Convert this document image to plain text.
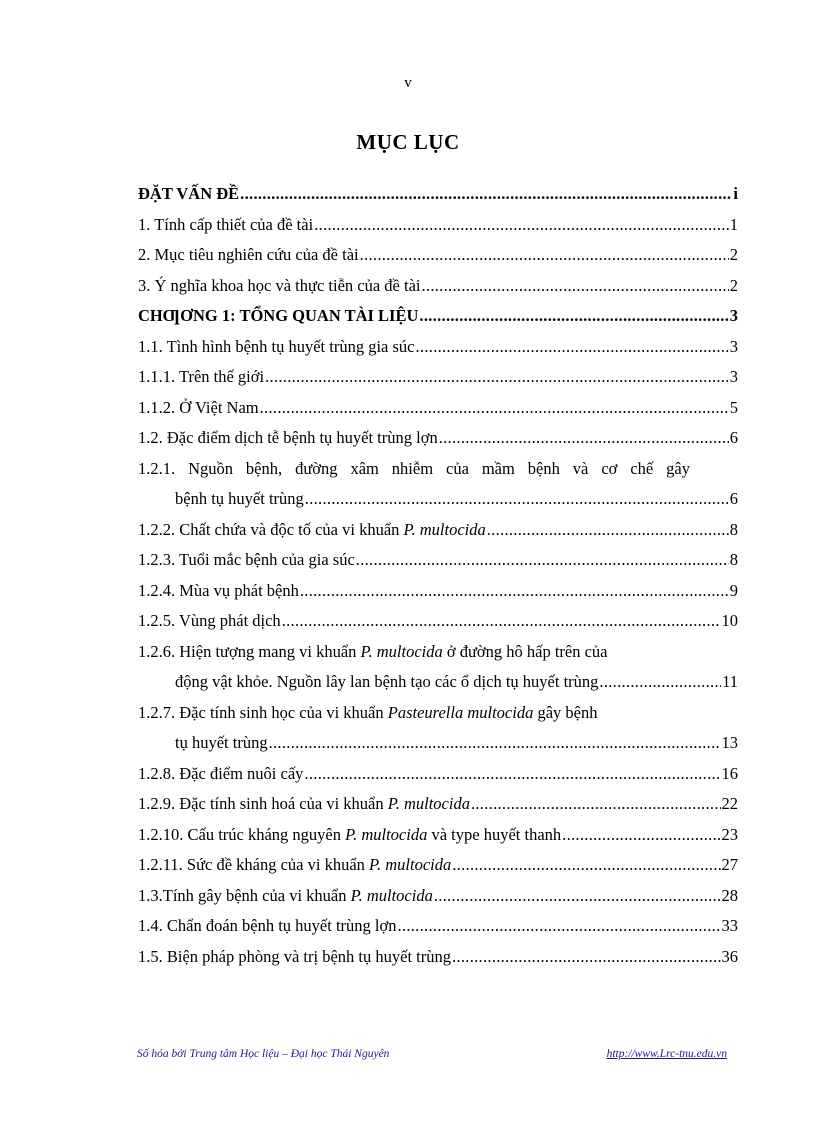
v
MỤC LỤC
ĐẶT VẤN ĐỀ .....	i
1. Tính cấp thiết của đề tài .....	1
2. Mục tiêu nghiên cứu của đề tài .....	2
3. Ý nghĩa khoa học và thực tiễn của đề tài .....	2
CHƢƠNG 1: TỔNG QUAN TÀI LIỆU .....	3
1.1. Tình hình bệnh tụ huyết trùng gia súc .....	3
1.1.1. Trên thế giới .....	3
1.1.2. Ở Việt Nam .....	5
1.2. Đặc điểm dịch tễ bệnh tụ huyết trùng lợn .....	6
1.2.1. Nguồn bệnh, đường xâm nhiễm của mầm bệnh và cơ chế gây
bệnh tụ huyết trùng .....	6
1.2.2. Chất chứa và độc tố của vi khuẩn P. multocida .....	8
1.2.3. Tuổi mắc bệnh của gia súc .....	8
1.2.4. Mùa vụ phát bệnh .....	9
1.2.5. Vùng phát dịch .....	10
1.2.6. Hiện tượng mang vi khuẩn P. multocida ở đường hô hấp trên của
động vật khỏe. Nguồn lây lan bệnh tạo các ổ dịch tụ huyết trùng .....	11
1.2.7. Đặc tính sinh học của vi khuẩn Pasteurella multocida gây bệnh
tụ huyết trùng .....	13
1.2.8. Đặc điểm nuôi cấy .....	16
1.2.9. Đặc tính sinh hoá của vi khuẩn P. multocida .....	22
1.2.10. Cấu trúc kháng nguyên P. multocida và type huyết thanh .....	23
1.2.11. Sức đề kháng của vi khuẩn P. multocida .....	27
1.3.Tính gây bệnh của vi khuẩn P. multocida .....	28
1.4. Chẩn đoán bệnh tụ huyết trùng lợn .....	33
1.5. Biện pháp phòng và trị bệnh tụ huyết trùng .....	36
Số hóa bởi Trung tâm Học liệu – Đại học Thái Nguyên	http://www.Lrc-tnu.edu.vn
